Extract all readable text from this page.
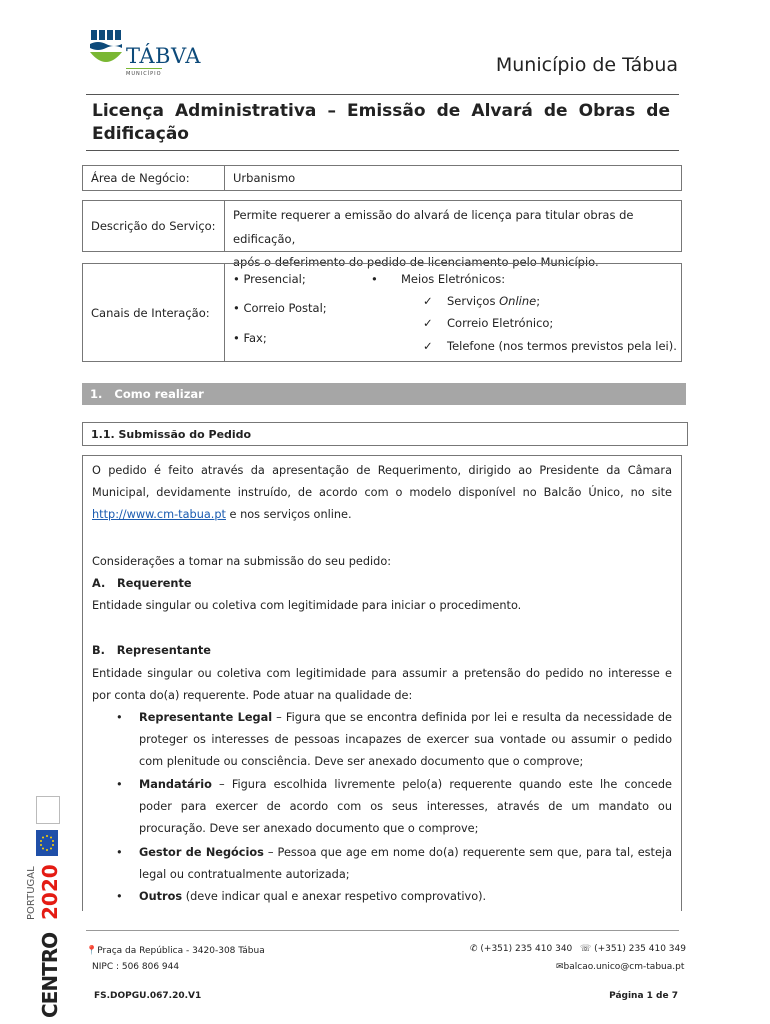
TÁBVA
MUNICÍPIO	Município de Tábua
Licença Administrativa – Emissão de Alvará de Obras de Edificação
Área de Negócio:	Urbanismo
Descrição do Serviço:
Permite requerer a emissão do alvará de licença para titular obras de edificação,
após o deferimento do pedido de licenciamento pelo Município.
Canais de Interação:
• Presencial;
• Correio Postal;
• Fax;
• Meios Eletrónicos:
✓ Serviços Online;
✓ Correio Eletrónico;
✓ Telefone (nos termos previstos pela lei).
1. Como realizar
1.1. Submissão do Pedido
O pedido é feito através da apresentação de Requerimento, dirigido ao Presidente da Câmara Municipal, devidamente instruído, de acordo com o modelo disponível no Balcão Único, no site http://www.cm-tabua.pt e nos serviços online.
Considerações a tomar na submissão do seu pedido:
A.   Requerente
Entidade singular ou coletiva com legitimidade para iniciar o procedimento.
B.   Representante
Entidade singular ou coletiva com legitimidade para assumir a pretensão do pedido no interesse e por conta do(a) requerente. Pode atuar na qualidade de:
• Representante Legal – Figura que se encontra definida por lei e resulta da necessidade de proteger os interesses de pessoas incapazes de exercer sua vontade ou assumir o pedido com plenitude ou consciência. Deve ser anexado documento que o comprove;
• Mandatário – Figura escolhida livremente pelo(a) requerente quando este lhe concede poder para exercer de acordo com os seus interesses, através de um mandato ou procuração. Deve ser anexado documento que o comprove;
• Gestor de Negócios – Pessoa que age em nome do(a) requerente sem que, para tal, esteja legal ou contratualmente autorizada;
• Outros (deve indicar qual e anexar respetivo comprovativo).
📍Praça da República - 3420-308 Tábua
NIPC : 506 806 944
✆ (+351) 235 410 340 ☏ (+351) 235 410 349
✉balcao.unico@cm-tabua.pt
FS.DOPGU.067.20.V1	Página 1 de 7
PORTUGAL 2020
CENTRO
